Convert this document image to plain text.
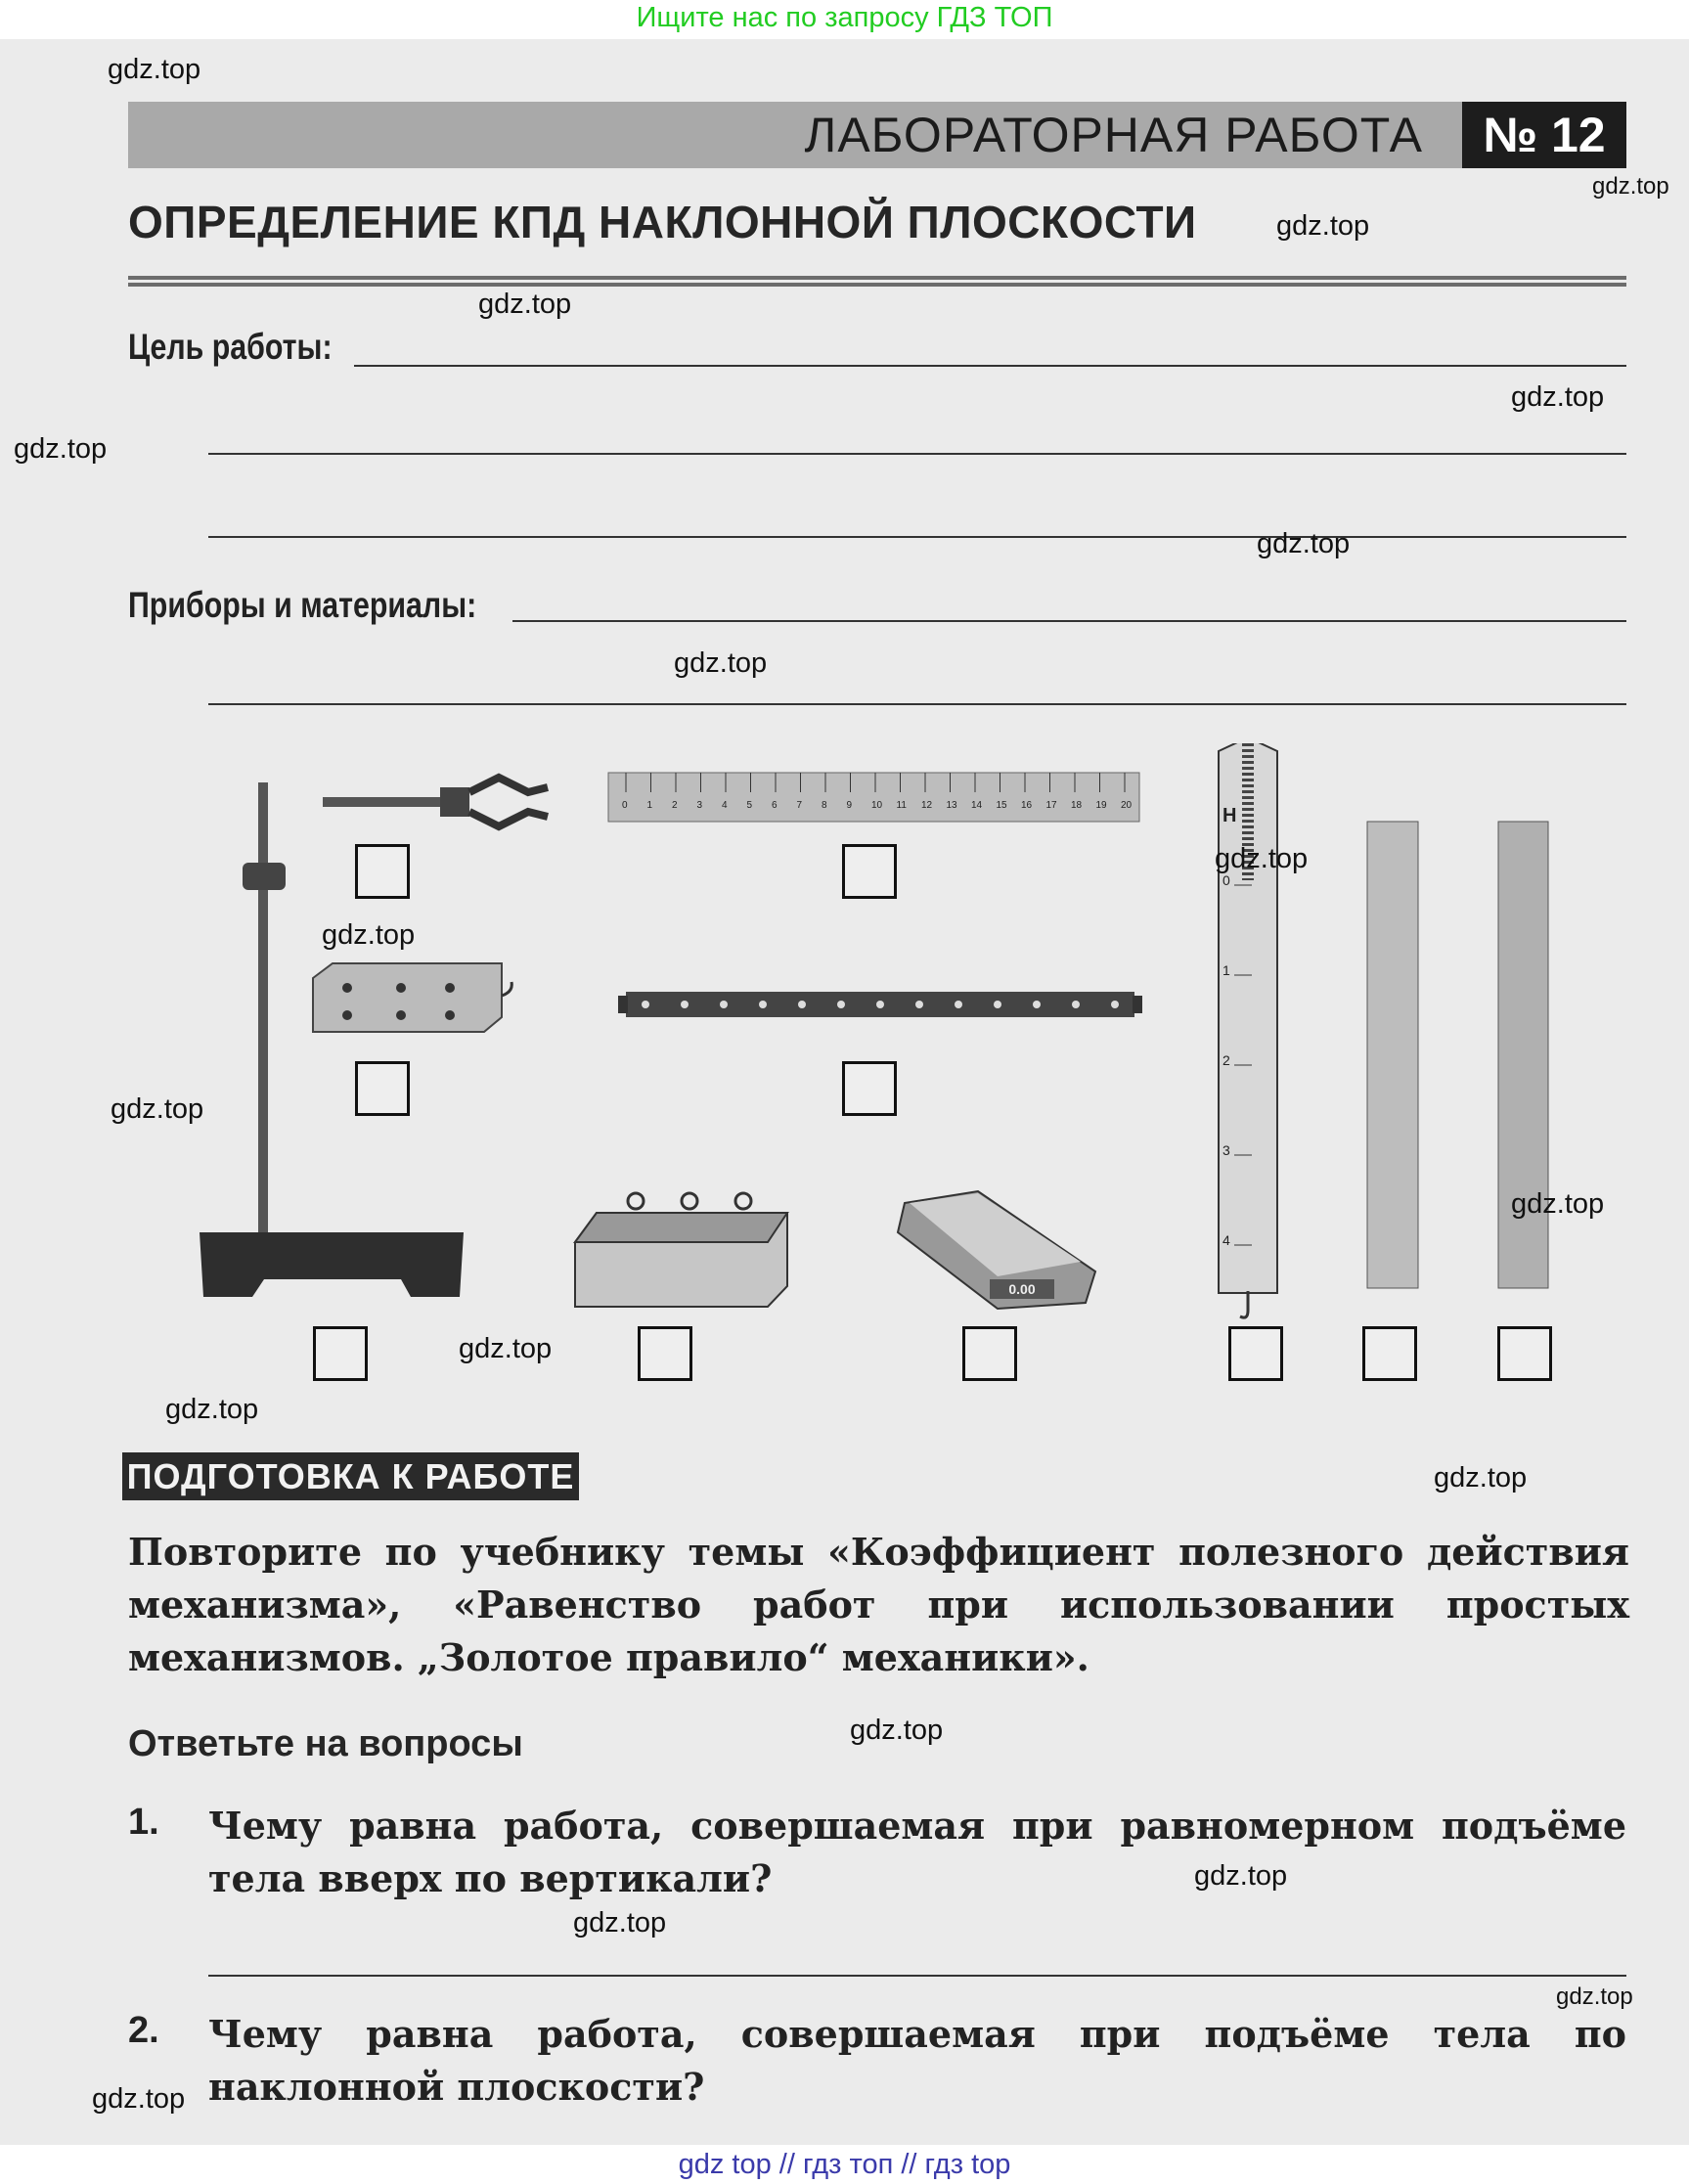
Ищите нас по запросу ГДЗ ТОП
ЛАБОРАТОРНАЯ РАБОТА	№ 12
ОПРЕДЕЛЕНИЕ КПД НАКЛОННОЙ ПЛОСКОСТИ
Цель работы:
Приборы и материалы:
0 1 2 3 4 5 6 7 8 9 10 11 12 13 14 15 16 17 18 19 20
0.00
Н
0
1
2
3
4
ПОДГОТОВКА К РАБОТЕ
Повторите по учебнику темы «Коэффициент полезного действия механизма», «Равенство работ при использовании простых механизмов. „Золотое правило“ механики».
Ответьте на вопросы
1. Чему равна работа, совершаемая при равномерном подъёме тела вверх по вертикали?
2. Чему равна работа, совершаемая при подъёме тела по наклонной плоскости?
gdz.top
gdz.top
gdz.top
gdz.top
gdz.top
gdz.top
gdz.top
gdz.top
gdz.top
gdz.top
gdz.top
gdz.top
gdz.top
gdz.top
gdz.top
gdz.top
gdz.top
gdz.top
gdz.top
gdz.top
gdz top // гдз топ // гдз top
